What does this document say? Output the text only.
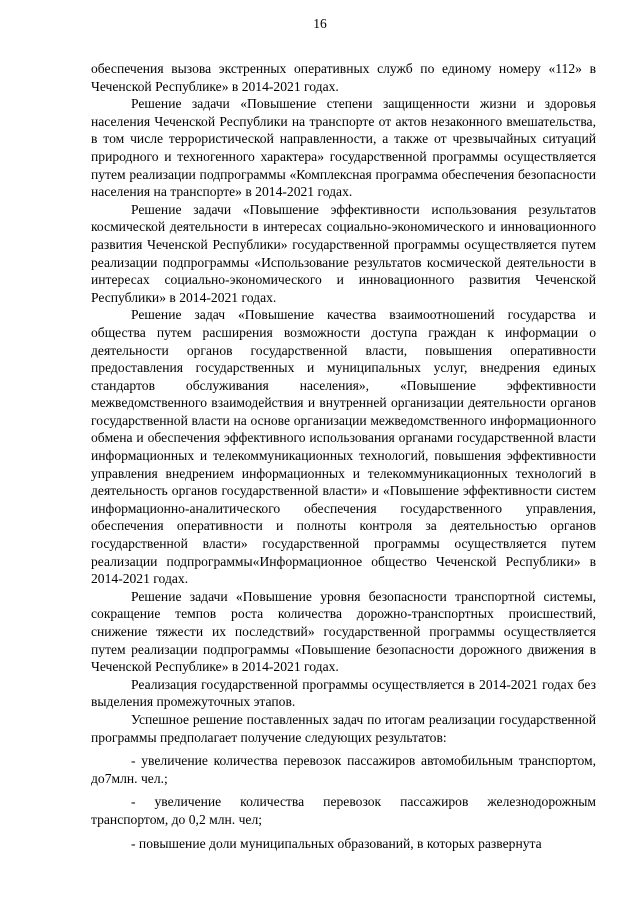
16

обеспечения вызова экстренных оперативных служб по единому номеру «112» в Чеченской Республике» в 2014-2021 годах.

Решение задачи «Повышение степени защищенности жизни и здоровья населения Чеченской Республики на транспорте от актов незаконного вмешательства, в том числе террористической направленности, а также от чрезвычайных ситуаций природного и техногенного характера» государственной программы осуществляется путем реализации подпрограммы «Комплексная программа обеспечения безопасности населения на транспорте» в 2014-2021 годах.

Решение задачи «Повышение эффективности использования результатов космической деятельности в интересах социально-экономического и инновационного развития Чеченской Республики» государственной программы осуществляется путем реализации подпрограммы «Использование результатов космической деятельности в интересах социально-экономического и инновационного развития Чеченской Республики» в 2014-2021 годах.

Решение задач «Повышение качества взаимоотношений государства и общества путем расширения возможности доступа граждан к информации о деятельности органов государственной власти, повышения оперативности предоставления государственных и муниципальных услуг, внедрения единых стандартов обслуживания населения», «Повышение эффективности межведомственного взаимодействия и внутренней организации деятельности органов государственной власти на основе организации межведомственного информационного обмена и обеспечения эффективного использования органами государственной власти информационных и телекоммуникационных технологий, повышения эффективности управления внедрением информационных и телекоммуникационных технологий в деятельность органов государственной власти» и «Повышение эффективности систем информационно-аналитического обеспечения государственного управления, обеспечения оперативности и полноты контроля за деятельностью органов государственной власти» государственной программы осуществляется путем реализации подпрограммы«Информационное общество Чеченской Республики» в 2014-2021 годах.

Решение задачи «Повышение уровня безопасности транспортной системы, сокращение темпов роста количества дорожно-транспортных происшествий, снижение тяжести их последствий» государственной программы осуществляется путем реализации подпрограммы «Повышение безопасности дорожного движения в Чеченской Республике» в 2014-2021 годах.

Реализация государственной программы осуществляется в 2014-2021 годах без выделения промежуточных этапов.

Успешное решение поставленных задач по итогам реализации государственной программы предполагает получение следующих результатов:

- увеличение количества перевозок пассажиров автомобильным транспортом, до7млн. чел.;

- увеличение количества перевозок пассажиров железнодорожным транспортом, до 0,2 млн. чел;

- повышение доли муниципальных образований, в которых развернута
